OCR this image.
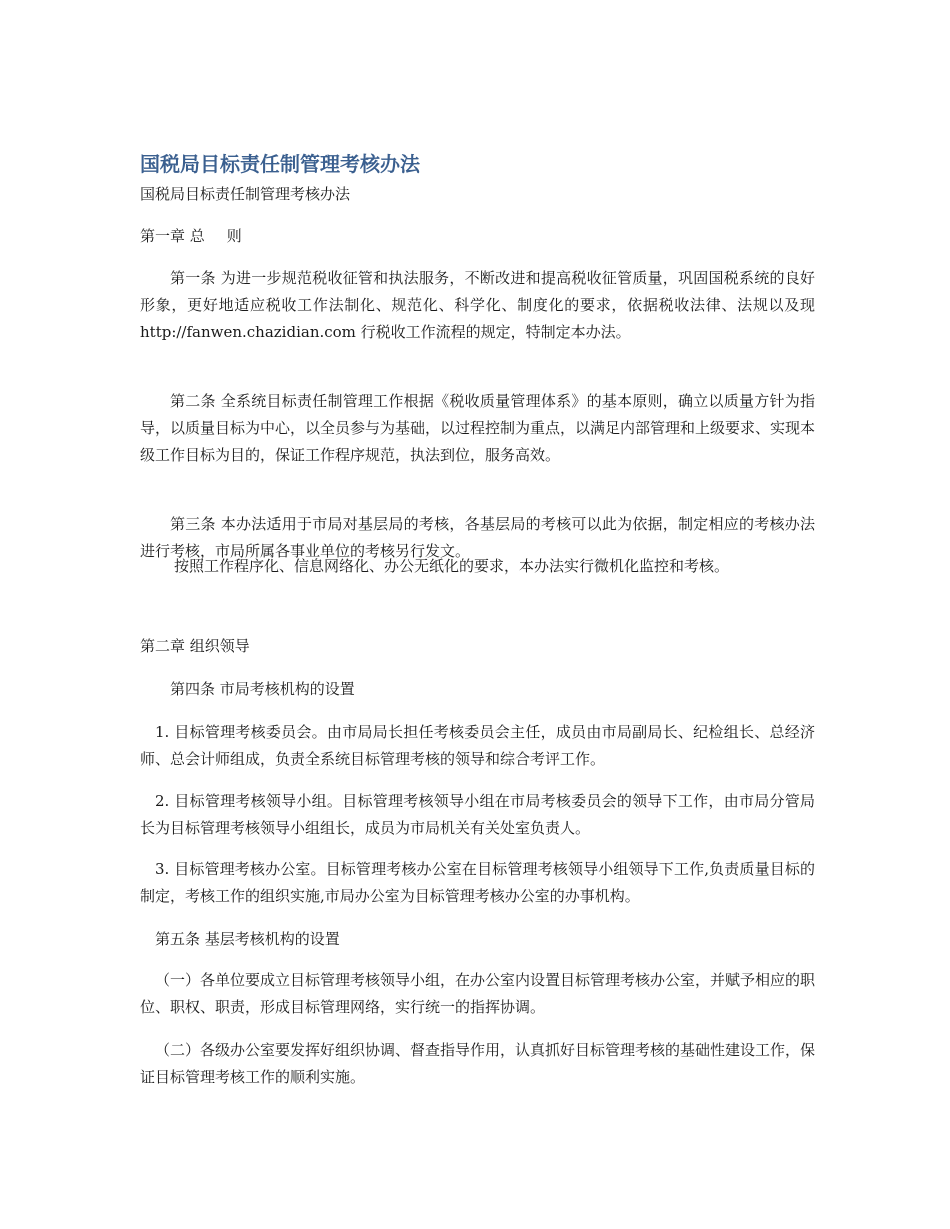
国税局目标责任制管理考核办法
国税局目标责任制管理考核办法
第一章 总 则
第一条 为进一步规范税收征管和执法服务，不断改进和提高税收征管质量，巩固国税系统的良好形象，更好地适应税收工作法制化、规范化、科学化、制度化的要求，依据税收法律、法规以及现 http://fanwen.chazidian.com 行税收工作流程的规定，特制定本办法。
第二条 全系统目标责任制管理工作根据《税收质量管理体系》的基本原则，确立以质量方针为指导，以质量目标为中心，以全员参与为基础，以过程控制为重点，以满足内部管理和上级要求、实现本级工作目标为目的，保证工作程序规范，执法到位，服务高效。
第三条 本办法适用于市局对基层局的考核，各基层局的考核可以此为依据，制定相应的考核办法进行考核，市局所属各事业单位的考核另行发文。
按照工作程序化、信息网络化、办公无纸化的要求，本办法实行微机化监控和考核。
第二章 组织领导
第四条 市局考核机构的设置
1. 目标管理考核委员会。由市局局长担任考核委员会主任，成员由市局副局长、纪检组长、总经济师、总会计师组成，负责全系统目标管理考核的领导和综合考评工作。
2. 目标管理考核领导小组。目标管理考核领导小组在市局考核委员会的领导下工作，由市局分管局长为目标管理考核领导小组组长，成员为市局机关有关处室负责人。
3. 目标管理考核办公室。目标管理考核办公室在目标管理考核领导小组领导下工作,负责质量目标的制定，考核工作的组织实施,市局办公室为目标管理考核办公室的办事机构。
第五条 基层考核机构的设置
（一）各单位要成立目标管理考核领导小组，在办公室内设置目标管理考核办公室，并赋予相应的职位、职权、职责，形成目标管理网络，实行统一的指挥协调。
（二）各级办公室要发挥好组织协调、督查指导作用，认真抓好目标管理考核的基础性建设工作，保证目标管理考核工作的顺利实施。
